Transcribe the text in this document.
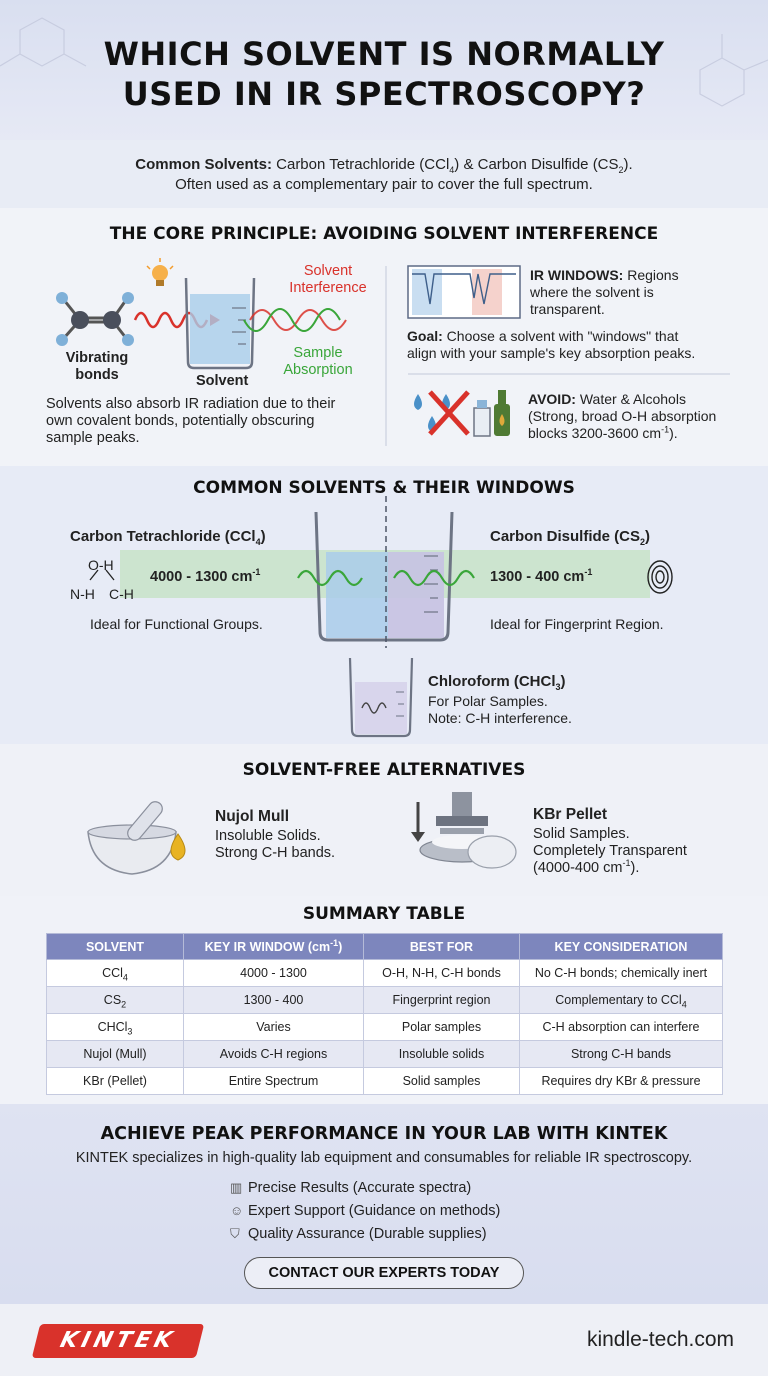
WHICH SOLVENT IS NORMALLY
USED IN IR SPECTROSCOPY?
Common Solvents: Carbon Tetrachloride (CCl$_4$) & Carbon Disulfide $(CS_2)$.
Often used as a complementary pair to cover the full spectrum.
THE CORE PRINCIPLE: AVOIDING SOLVENT INTERFERENCE
Vibrating
bonds	Solvent
Solvent
Interference
Sample
Absorption
Solvents also absorb IR radiation due to their
own covalent bonds, potentially obscuring
sample peaks.
IR WINDOWS: Regions
where the solvent is
transparent.
Goal: Choose a solvent with "windows" that
align with your sample's key absorption peaks.
AVOID: Water & Alcohols
(Strong, broad O-H absorption
blocks 3200-3600 $cm^{-1}$).
COMMON SOLVENTS & THEIR WINDOWS
Carbon Tetrachloride (CCl$_4$)
O-H
N-H C-H
4000 - 1300 $cm^{-1}$
Ideal for Functional Groups.
Carbon Disulfide $(CS_2)$
1300 - 400 $cm^{-1}$
Ideal for Fingerprint Region.
Chloroform (CHCl$_3$)
For Polar Samples.
Note: C-H interference.
SOLVENT-FREE ALTERNATIVES
Nujol Mull
Insoluble Solids.
Strong C-H bands.
KBr Pellet
Solid Samples.
Completely Transparent
(4000-400 $cm^{-1}$).
SUMMARY TABLE
SOLVENT	KEY IR WINDOW $(cm^{-1})$	BEST FOR	KEY CONSIDERATION
CCl$_4$	4000 - 1300	O-H, N-H, C-H bonds	No C-H bonds; chemically inert
$CS_2$	1300 - 400	Fingerprint region	Complementary to CCl$_4$
CHCl$_3$	Varies	Polar samples	C-H absorption can interfere
Nujol (Mull)	Avoids C-H regions	Insoluble solids	Strong C-H bands
KBr (Pellet)	Entire Spectrum	Solid samples	Requires dry KBr & pressure
ACHIEVE PEAK PERFORMANCE IN YOUR LAB WITH KINTEK
KINTEK specializes in high-quality lab equipment and consumables for reliable IR spectroscopy.
▥ Precise Results (Accurate spectra)
☺ Expert Support (Guidance on methods)
⛉ Quality Assurance (Durable supplies)
CONTACT OUR EXPERTS TODAY
KINTEK	kindle-tech.com
